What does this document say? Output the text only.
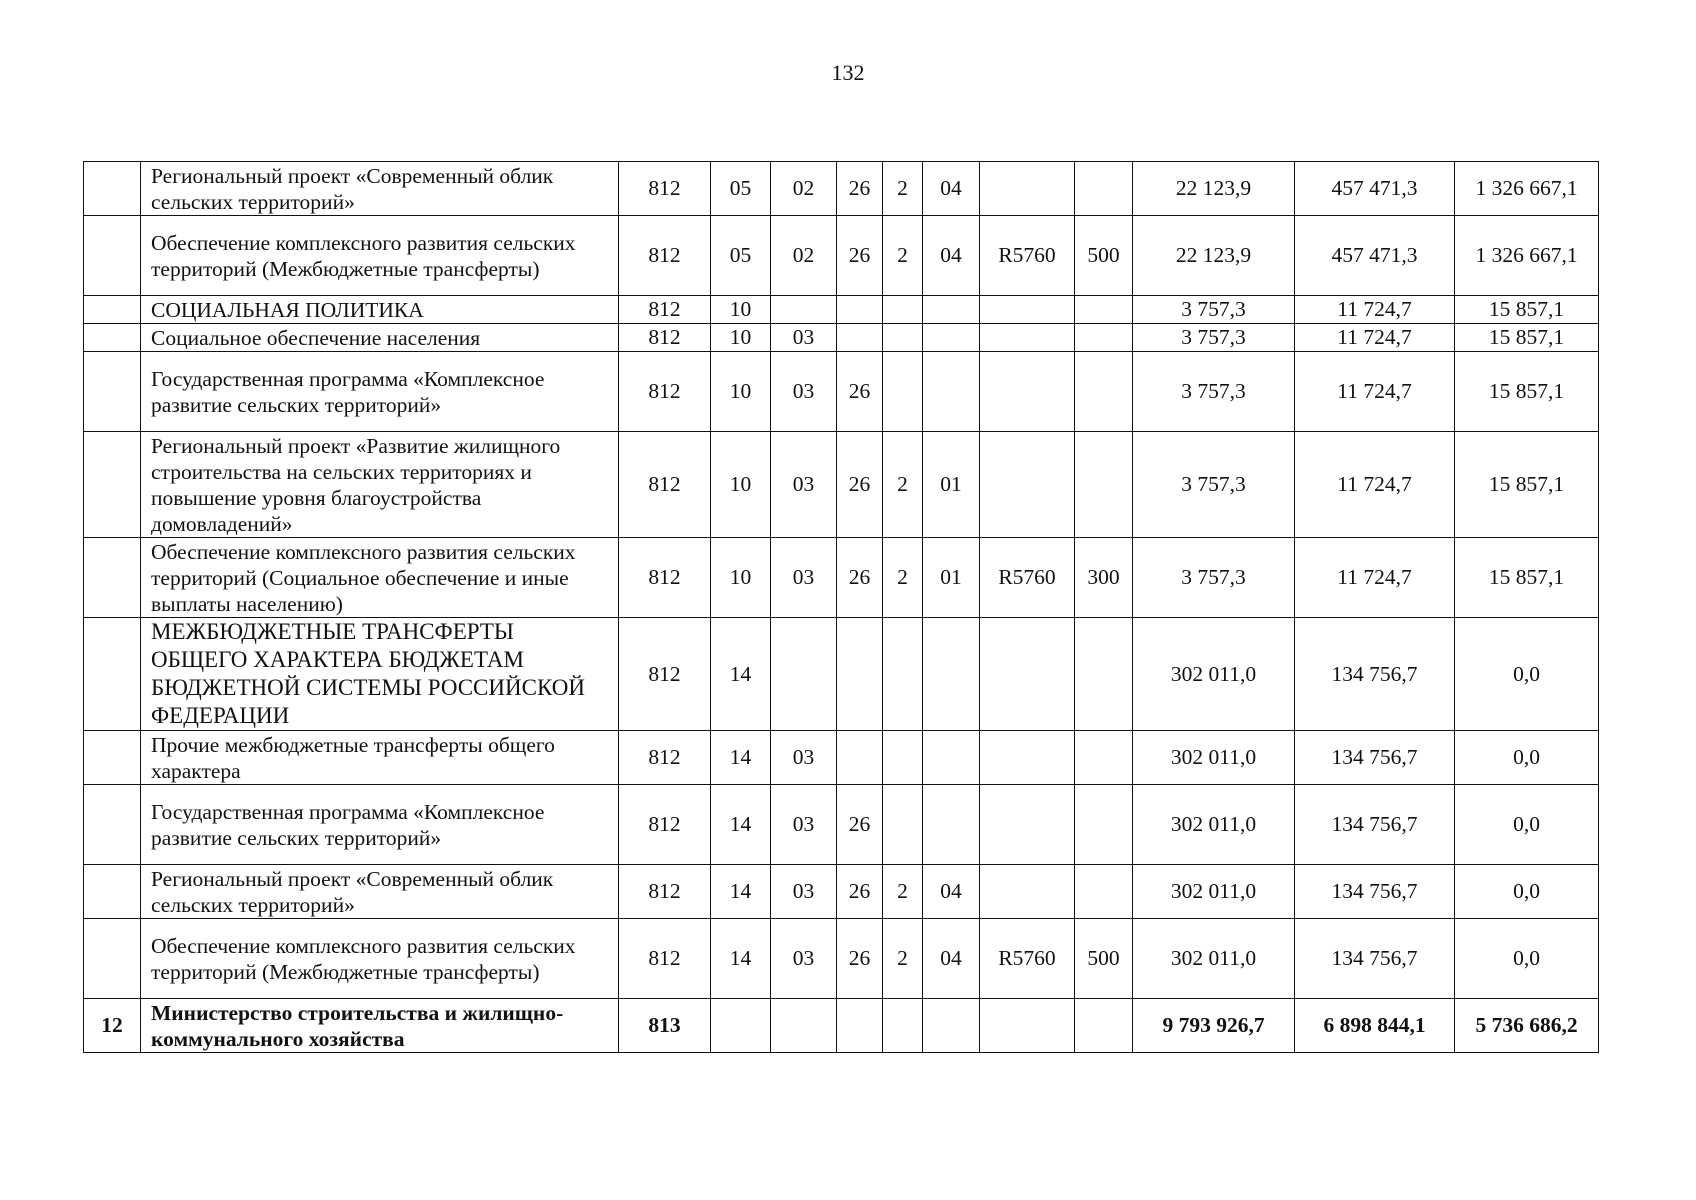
132
	Региональный проект «Современный облик сельских территорий»	812	05	02	26	2	04			22 123,9	457 471,3	1 326 667,1
	Обеспечение комплексного развития сельских территорий (Межбюджетные трансферты)	812	05	02	26	2	04	R5760	500	22 123,9	457 471,3	1 326 667,1
	СОЦИАЛЬНАЯ ПОЛИТИКА	812	10							3 757,3	11 724,7	15 857,1
	Социальное обеспечение населения	812	10	03						3 757,3	11 724,7	15 857,1
	Государственная программа «Комплексное развитие сельских территорий»	812	10	03	26					3 757,3	11 724,7	15 857,1
	Региональный проект «Развитие жилищного строительства на сельских территориях и повышение уровня благоустройства домовладений»	812	10	03	26	2	01			3 757,3	11 724,7	15 857,1
	Обеспечение комплексного развития сельских территорий (Социальное обеспечение и иные выплаты населению)	812	10	03	26	2	01	R5760	300	3 757,3	11 724,7	15 857,1
	МЕЖБЮДЖЕТНЫЕ ТРАНСФЕРТЫ ОБЩЕГО ХАРАКТЕРА БЮДЖЕТАМ БЮДЖЕТНОЙ СИСТЕМЫ РОССИЙСКОЙ ФЕДЕРАЦИИ	812	14							302 011,0	134 756,7	0,0
	Прочие межбюджетные трансферты общего характера	812	14	03						302 011,0	134 756,7	0,0
	Государственная программа «Комплексное развитие сельских территорий»	812	14	03	26					302 011,0	134 756,7	0,0
	Региональный проект «Современный облик сельских территорий»	812	14	03	26	2	04			302 011,0	134 756,7	0,0
	Обеспечение комплексного развития сельских территорий (Межбюджетные трансферты)	812	14	03	26	2	04	R5760	500	302 011,0	134 756,7	0,0
12	Министерство строительства и жилищно-коммунального хозяйства	813								9 793 926,7	6 898 844,1	5 736 686,2
